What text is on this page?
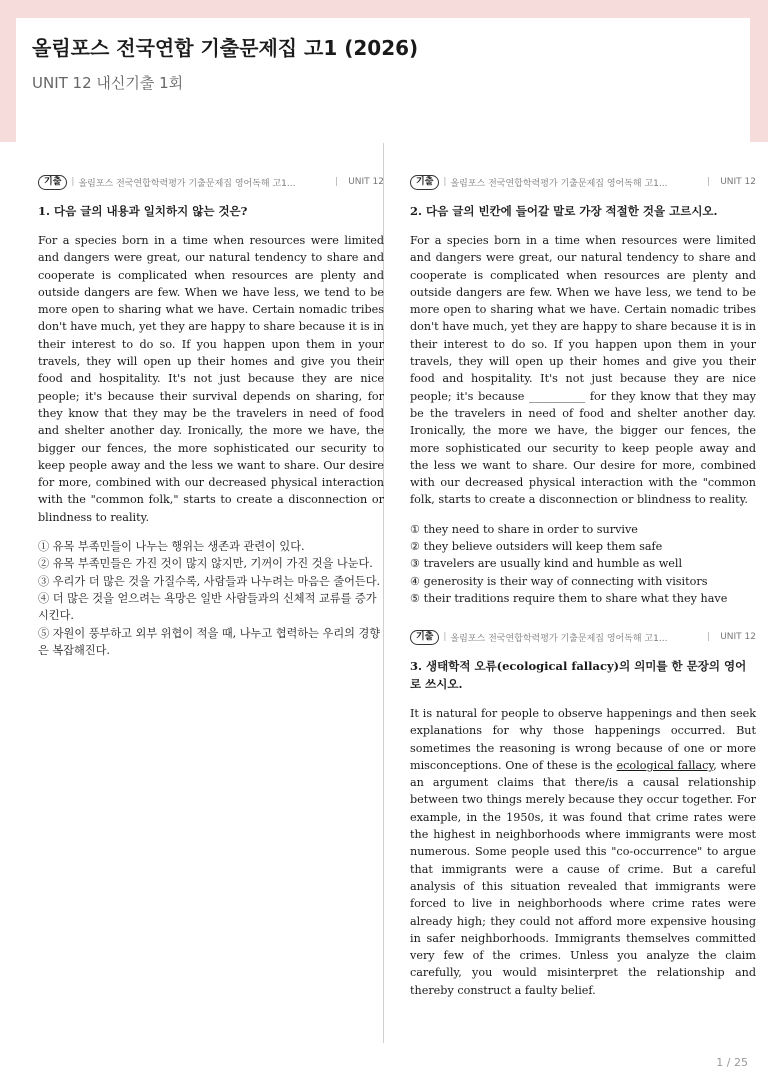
올림포스 전국연합 기출문제집 고1 (2026)
UNIT 12 내신기출 1회
기출	| 올림포스 전국연합학력평가 기출문제집 영어독해 고1...	| UNIT 12
1. 다음 글의 내용과 일치하지 않는 것은?
For a species born in a time when resources were limited and dangers were great, our natural tendency to share and cooperate is complicated when resources are plenty and outside dangers are few. When we have less, we tend to be more open to sharing what we have. Certain nomadic tribes don't have much, yet they are happy to share because it is in their interest to do so. If you happen upon them in your travels, they will open up their homes and give you their food and hospitality. It's not just because they are nice people; it's because their survival depends on sharing, for they know that they may be the travelers in need of food and shelter another day. Ironically, the more we have, the bigger our fences, the more sophisticated our security to keep people away and the less we want to share. Our desire for more, combined with our decreased physical interaction with the "common folk," starts to create a disconnection or blindness to reality.

① 유목 부족민들이 나누는 행위는 생존과 관련이 있다.

② 유목 부족민들은 가진 것이 많지 않지만, 기꺼이 가진 것을 나눈다.

③ 우리가 더 많은 것을 가질수록, 사람들과 나누려는 마음은 줄어든다.

④ 더 많은 것을 얻으려는 욕망은 일반 사람들과의 신체적 교류를 증가시킨다.

⑤ 자원이 풍부하고 외부 위협이 적을 때, 나누고 협력하는 우리의 경향은 복잡해진다.

기출	| 올림포스 전국연합학력평가 기출문제집 영어독해 고1...	| UNIT 12
2. 다음 글의 빈칸에 들어갈 말로 가장 적절한 것을 고르시오.
For a species born in a time when resources were limited and dangers were great, our natural tendency to share and cooperate is complicated when resources are plenty and outside dangers are few. When we have less, we tend to be more open to sharing what we have. Certain nomadic tribes don't have much, yet they are happy to share because it is in their interest to do so. If you happen upon them in your travels, they will open up their homes and give you their food and hospitality. It's not just because they are nice people; it's because __________ for they know that they may be the travelers in need of food and shelter another day. Ironically, the more we have, the bigger our fences, the more sophisticated our security to keep people away and the less we want to share. Our desire for more, combined with our decreased physical interaction with the "common folk, starts to create a disconnection or blindness to reality.

① they need to share in order to survive

② they believe outsiders will keep them safe

③ travelers are usually kind and humble as well

④ generosity is their way of connecting with visitors

⑤ their traditions require them to share what they have

기출	| 올림포스 전국연합학력평가 기출문제집 영어독해 고1...	| UNIT 12
3. 생태학적 오류(ecological fallacy)의 의미를 한 문장의 영어로 쓰시오.
It is natural for people to observe happenings and then seek explanations for why those happenings occurred. But sometimes the reasoning is wrong because of one or more misconceptions. One of these is the ecological fallacy, where an argument claims that there/is a causal relationship between two things merely because they occur together. For example, in the 1950s, it was found that crime rates were the highest in neighborhoods where immigrants were most numerous. Some people used this "co-occurrence" to argue that immigrants were a cause of crime. But a careful analysis of this situation revealed that immigrants were forced to live in neighborhoods where crime rates were already high; they could not afford more expensive housing in safer neighborhoods. Immigrants themselves committed very few of the crimes. Unless you analyze the claim carefully, you would misinterpret the relationship and thereby construct a faulty belief.
1 / 25
